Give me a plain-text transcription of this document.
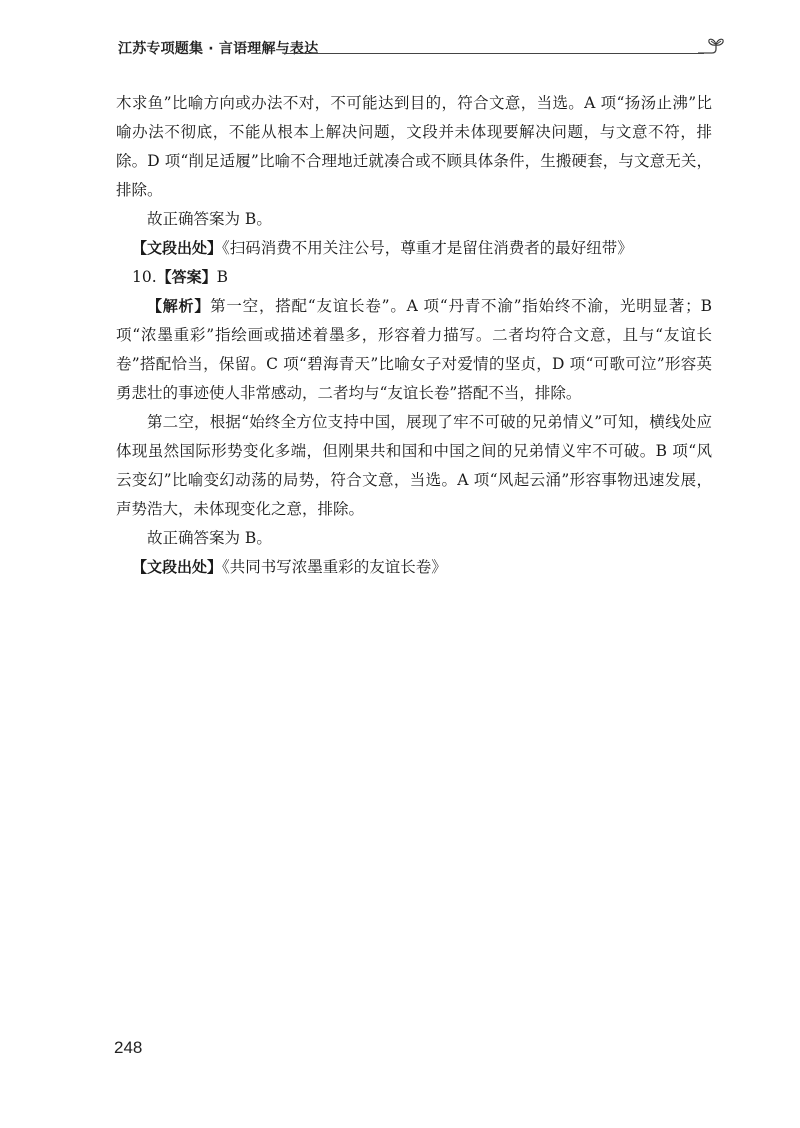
江苏专项题集 · 言语理解与表达

木求鱼”比喻方向或办法不对，不可能达到目的，符合文意，当选。A 项“扬汤止沸”比喻办法不彻底，不能从根本上解决问题，文段并未体现要解决问题，与文意不符，排除。D 项“削足适履”比喻不合理地迁就凑合或不顾具体条件，生搬硬套，与文意无关，排除。

故正确答案为 B。

【文段出处】《扫码消费不用关注公号，尊重才是留住消费者的最好纽带》

10.【答案】B

【解析】第一空，搭配“友谊长卷”。A 项“丹青不渝”指始终不渝，光明显著；B 项“浓墨重彩”指绘画或描述着墨多，形容着力描写。二者均符合文意，且与“友谊长卷”搭配恰当，保留。C 项“碧海青天”比喻女子对爱情的坚贞，D 项“可歌可泣”形容英勇悲壮的事迹使人非常感动，二者均与“友谊长卷”搭配不当，排除。

第二空，根据“始终全方位支持中国，展现了牢不可破的兄弟情义”可知，横线处应体现虽然国际形势变化多端，但刚果共和国和中国之间的兄弟情义牢不可破。B 项“风云变幻”比喻变幻动荡的局势，符合文意，当选。A 项“风起云涌”形容事物迅速发展，声势浩大，未体现变化之意，排除。

故正确答案为 B。

【文段出处】《共同书写浓墨重彩的友谊长卷》

248
